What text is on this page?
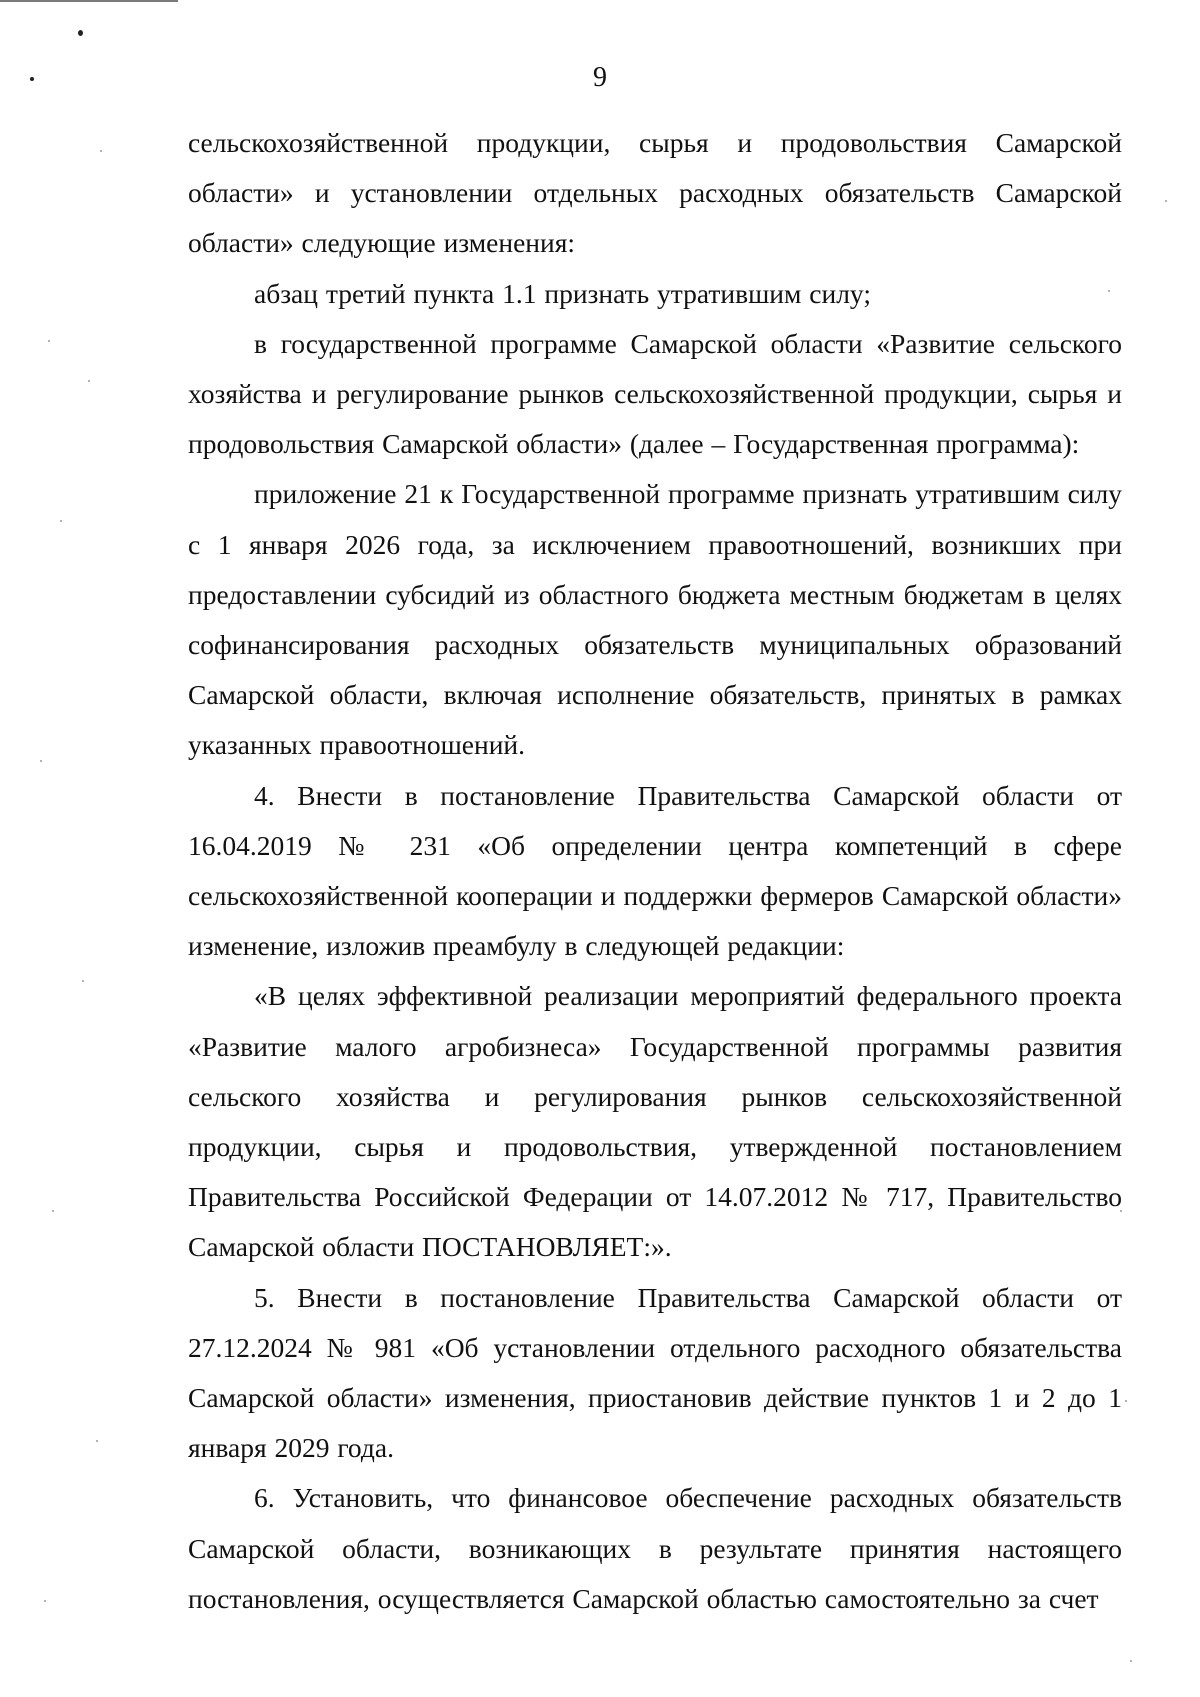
9

сельскохозяйственной продукции, сырья и продовольствия Самарской области» и установлении отдельных расходных обязательств Самарской области» следующие изменения:

абзац третий пункта 1.1 признать утратившим силу;

в государственной программе Самарской области «Развитие сельского хозяйства и регулирование рынков сельскохозяйственной продукции, сырья и продовольствия Самарской области» (далее – Государственная программа):

приложение 21 к Государственной программе признать утратившим силу с 1 января 2026 года, за исключением правоотношений, возникших при предоставлении субсидий из областного бюджета местным бюджетам в целях софинансирования расходных обязательств муниципальных образований Самарской области, включая исполнение обязательств, принятых в рамках указанных правоотношений.

4. Внести в постановление Правительства Самарской области от 16.04.2019 № 231 «Об определении центра компетенций в сфере сельскохозяйственной кооперации и поддержки фермеров Самарской области» изменение, изложив преамбулу в следующей редакции:

«В целях эффективной реализации мероприятий федерального проекта «Развитие малого агробизнеса» Государственной программы развития сельского хозяйства и регулирования рынков сельскохозяйственной продукции, сырья и продовольствия, утвержденной постановлением Правительства Российской Федерации от 14.07.2012 № 717, Правительство Самарской области ПОСТАНОВЛЯЕТ:».

5. Внести в постановление Правительства Самарской области от 27.12.2024 № 981 «Об установлении отдельного расходного обязательства Самарской области» изменения, приостановив действие пунктов 1 и 2 до 1 января 2029 года.

6. Установить, что финансовое обеспечение расходных обязательств Самарской области, возникающих в результате принятия настоящего постановления, осуществляется Самарской областью самостоятельно за счет
